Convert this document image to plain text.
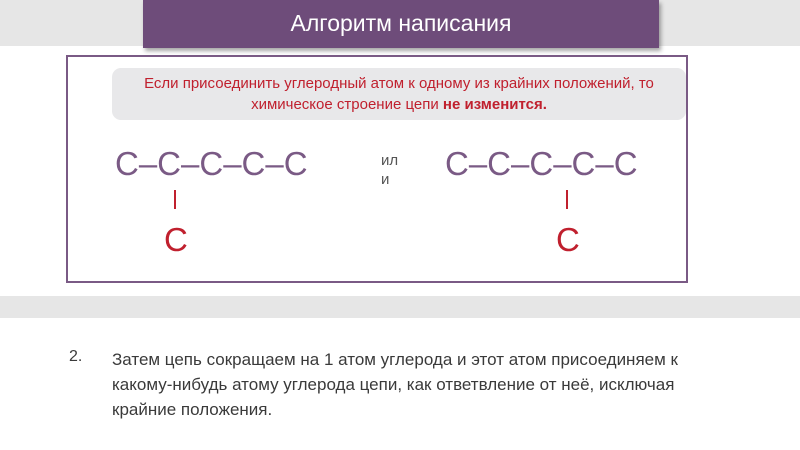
Алгоритм написания
Если присоединить углеродный атом к одному из крайних положений, то химическое строение цепи не изменится.
C–C–C–C–C
C
или	C–C–C–C–C
C
2. Затем цепь сокращаем на 1 атом углерода и этот атом присоединяем к какому-нибудь атому углерода цепи, как ответвление от неё, исключая крайние положения.
